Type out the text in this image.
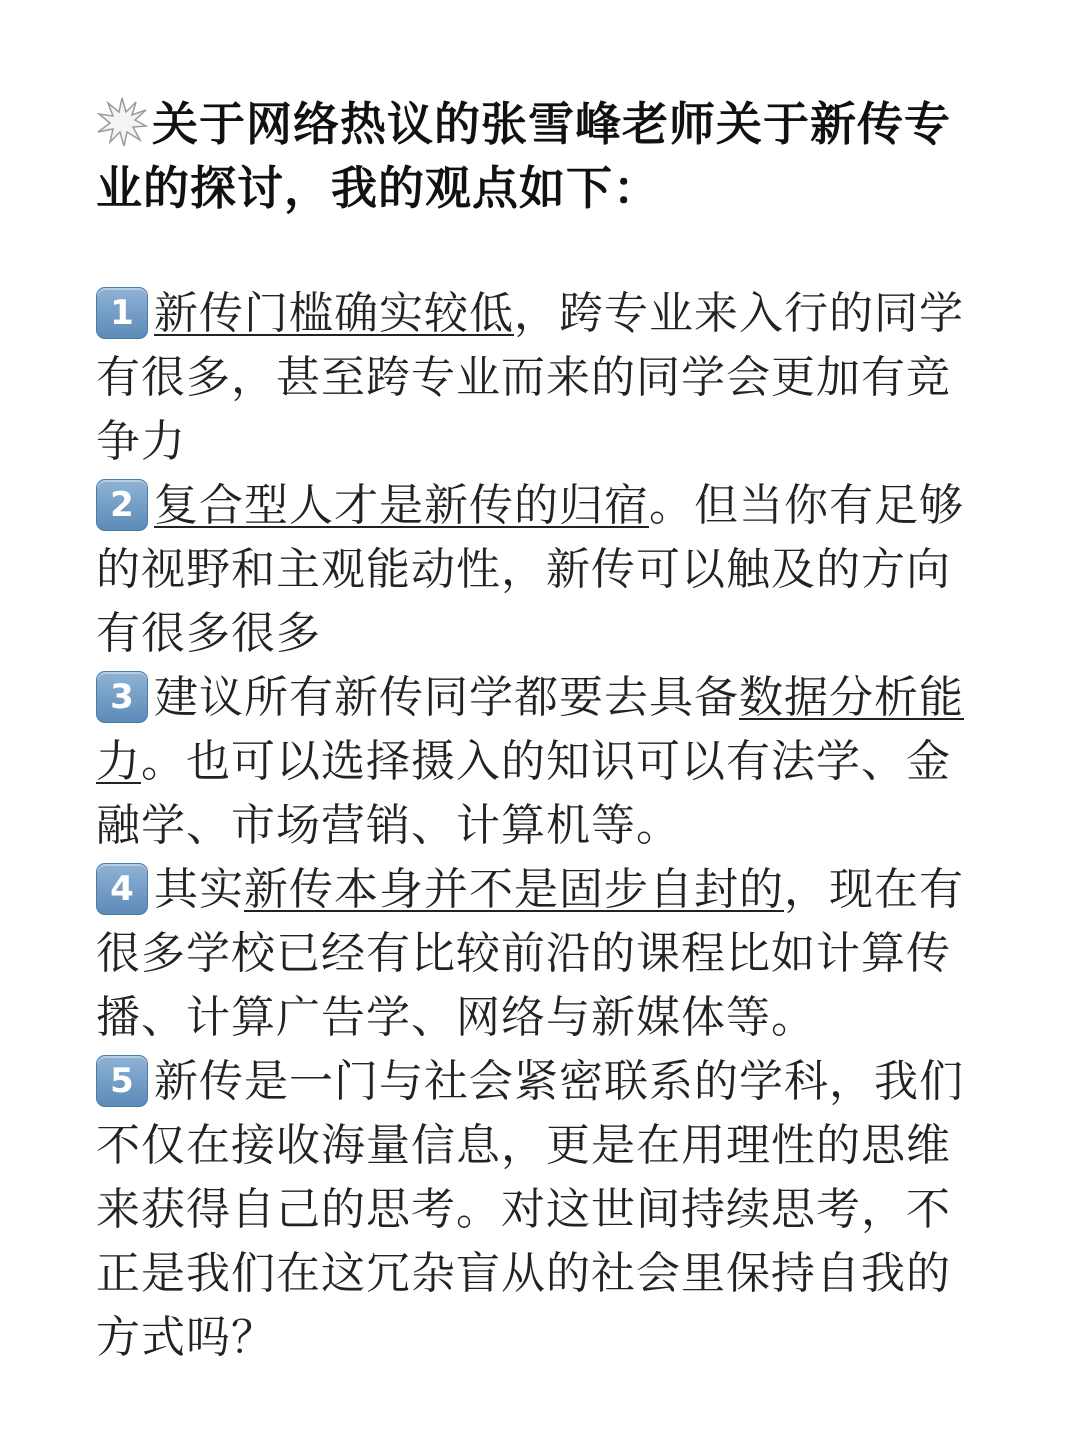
关于网络热议的张雪峰老师关于新传专业的探讨，我的观点如下：
1 新传门槛确实较低，跨专业来入行的同学有很多，甚至跨专业而来的同学会更加有竞争力
2 复合型人才是新传的归宿。但当你有足够的视野和主观能动性，新传可以触及的方向有很多很多
3 建议所有新传同学都要去具备数据分析能力。也可以选择摄入的知识可以有法学、金融学、市场营销、计算机等。
4 其实新传本身并不是固步自封的，现在有很多学校已经有比较前沿的课程比如计算传播、计算广告学、网络与新媒体等。
5 新传是一门与社会紧密联系的学科，我们不仅在接收海量信息，更是在用理性的思维来获得自己的思考。对这世间持续思考，不正是我们在这冗杂盲从的社会里保持自我的方式吗？
